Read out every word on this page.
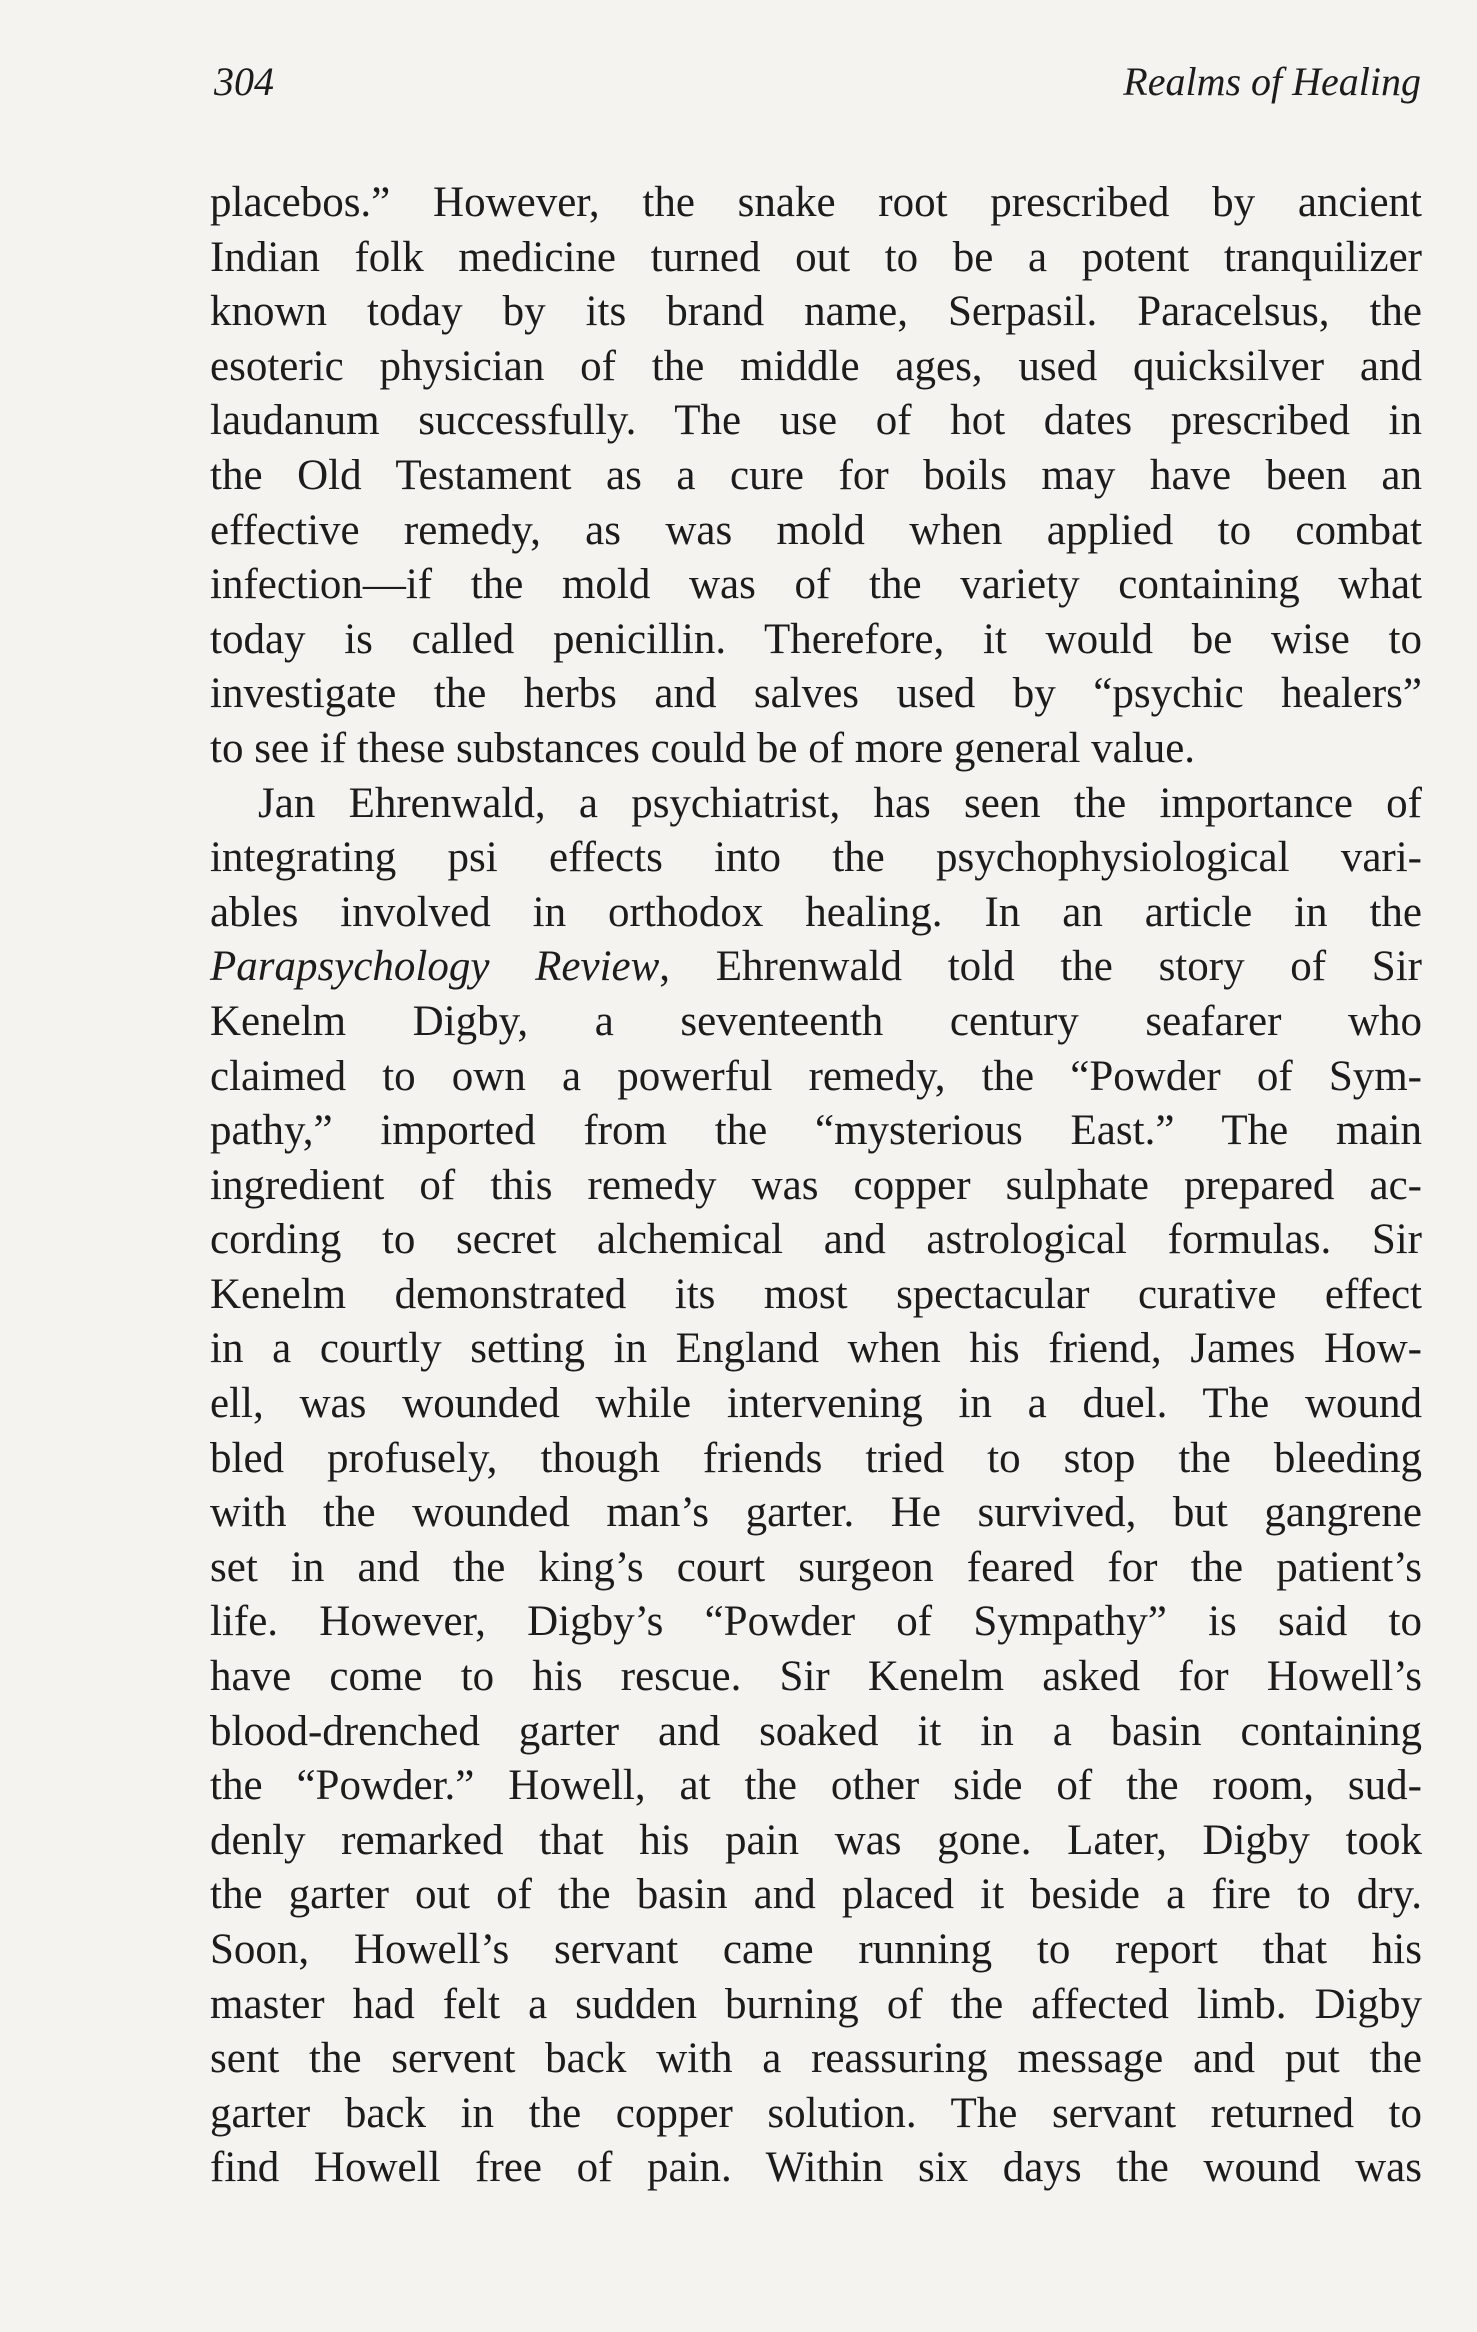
304	Realms of Healing
placebos.” However, the snake root prescribed by ancient
Indian folk medicine turned out to be a potent tranquilizer
known today by its brand name, Serpasil. Paracelsus, the
esoteric physician of the middle ages, used quicksilver and
laudanum successfully. The use of hot dates prescribed in
the Old Testament as a cure for boils may have been an
effective remedy, as was mold when applied to combat
infection—if the mold was of the variety containing what
today is called penicillin. Therefore, it would be wise to
investigate the herbs and salves used by “psychic healers”
to see if these substances could be of more general value.
Jan Ehrenwald, a psychiatrist, has seen the importance of
integrating psi effects into the psychophysiological vari-
ables involved in orthodox healing. In an article in the
Parapsychology Review, Ehrenwald told the story of Sir
Kenelm Digby, a seventeenth century seafarer who
claimed to own a powerful remedy, the “Powder of Sym-
pathy,” imported from the “mysterious East.” The main
ingredient of this remedy was copper sulphate prepared ac-
cording to secret alchemical and astrological formulas. Sir
Kenelm demonstrated its most spectacular curative effect
in a courtly setting in England when his friend, James How-
ell, was wounded while intervening in a duel. The wound
bled profusely, though friends tried to stop the bleeding
with the wounded man’s garter. He survived, but gangrene
set in and the king’s court surgeon feared for the patient’s
life. However, Digby’s “Powder of Sympathy” is said to
have come to his rescue. Sir Kenelm asked for Howell’s
blood-drenched garter and soaked it in a basin containing
the “Powder.” Howell, at the other side of the room, sud-
denly remarked that his pain was gone. Later, Digby took
the garter out of the basin and placed it beside a fire to dry.
Soon, Howell’s servant came running to report that his
master had felt a sudden burning of the affected limb. Digby
sent the servent back with a reassuring message and put the
garter back in the copper solution. The servant returned to
find Howell free of pain. Within six days the wound was
